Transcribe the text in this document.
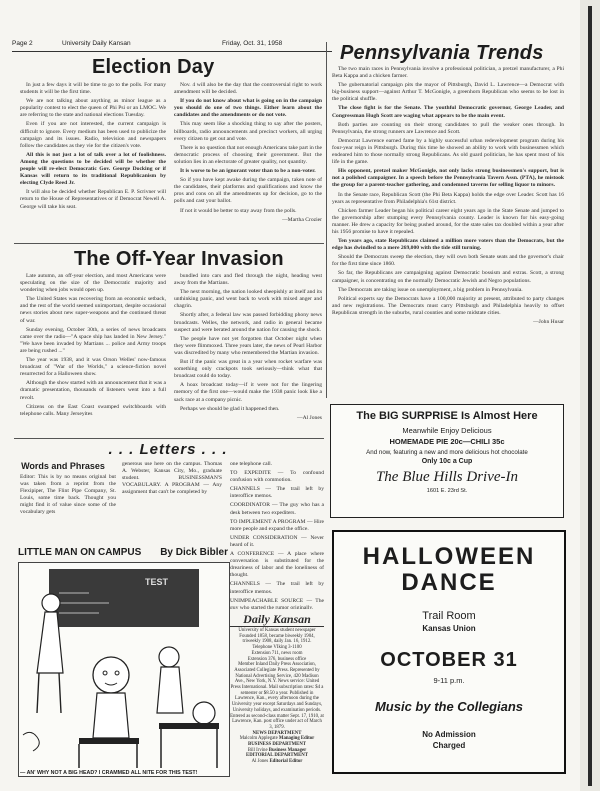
Page 2	University Daily Kansan	Friday, Oct. 31, 1958
Election Day

In just a few days it will be time to go to the polls. For many students it will be the first time.

We are not talking about anything as minor league as a popularity contest to elect the queen of Phi Psi or an LMOC. We are referring to the state and national elections Tuesday.

Even if you are not interested, the current campaign is difficult to ignore. Every medium has been used to publicize the campaign and its issues. Radio, television and newspapers follow the candidates as they vie for the citizen's vote.

All this is not just a lot of talk over a lot of foolishness. Among the questions to be decided will be whether the people will re-elect Democratic Gov. George Docking or if Kansas will return to its traditional Republicanism by electing Clyde Reed Jr.

It will also be decided whether Republican E. P. Scrivner will return to the House of Representatives or if Democrat Newell A. George will take his seat.

Nov. 4 will also be the day that the controversial right to work amendment will be decided.

If you do not know about what is going on in the campaign you should do one of two things. Either learn about the candidates and the amendments or do not vote.

This may seem like a shocking thing to say after the posters, billboards, radio announcements and precinct workers, all urging every citizen to get out and vote.

There is no question that not enough Americans take part in the democratic process of choosing their government. But the solution lies in an electorate of greater quality, not quantity.

It is worse to be an ignorant voter than to be a non-voter.

So if you have kept awake during the campaign, taken note of the candidates, their platforms and qualifications and know the pros and cons on all the amendments up for decision, go to the polls and cast your ballot.

If not it would be better to stay away from the polls.

—Martha Crozier

The Off-Year Invasion

Late autumn, an off-year election, and most Americans were speculating on the size of the Democratic majority and wondering when jobs would open up.

The United States was recovering from an economic setback, and the rest of the world seemed unimportant, despite occasional news stories about new super-weapons and the continued threat of war.

Sunday evening, October 30th, a series of news broadcasts came over the radio—"A space ship has landed in New Jersey." "We have been invaded by Martians ... police and Army troops are being rushed ..."

The year was 1938, and it was Orson Welles' now-famous broadcast of "War of the Worlds," a science-fiction novel resurrected for a Halloween show.

Although the show started with an announcement that it was a dramatic presentation, thousands of listeners went into a full revolt.

Citizens on the East Coast swamped switchboards with telephone calls. Many Jerseyites

bundled into cars and fled through the night, heading west away from the Martians.

The next morning, the nation looked sheepishly at itself and its unthinking panic, and went back to work with mixed anger and chagrin.

Shortly after, a federal law was passed forbidding phony news broadcasts. Welles, the network, and radio in general became suspect and were berated around the nation for causing the shock.

The people have not yet forgotten that October night when they were flimmoxed. Three years later, the news of Pearl Harbor was discredited by many who remembered the Martian invasion.

But if the panic was great in a year when rocket warfare was something only crackpots took seriously—think what that broadcast could do today.

A hoax broadcast today—if it were not for the lingering memory of the first one—would make the 1938 panic look like a sack race at a company picnic.

Perhaps we should be glad it happened then.

—Al Jones

Pennsylvania Trends

The two main races in Pennsylvania involve a professional politician, a pretzel manufacturer, a Phi Beta Kappa and a chicken farmer.

The gubernatorial campaign pits the mayor of Pittsburgh, David L. Lawrence—a Democrat with big-business support—against Arthur T. McGonigle, a greenhorn Republican who seems to be lost in the political shuffle.

The close fight is for the Senate. The youthful Democratic governor, George Leader, and Congressman Hugh Scott are waging what appears to be the main event.

Both parties are counting on their strong candidates to pull the weaker ones through. In Pennsylvania, the strong runners are Lawrence and Scott.

Democrat Lawrence earned fame by a highly successful urban redevelopment program during his four-year reign in Pittsburgh. During this time he showed an ability to work with businessmen which endeared him to those normally strong Republicans. As old guard politician, he has spent most of his life in the game.

His opponent, pretzel maker McGonigle, not only lacks strong businessmen's support, but is not a polished campaigner. In a speech before the Pennsylvania Tavern Assn. (PTA), he mistook the group for a parent-teacher gathering, and condemned taverns for selling liquor to minors.

In the Senate race, Republican Scott (the Phi Beta Kappa) holds the edge over Leader. Scott has 16 years as representative from Philadelphia's 61st district.

Chicken farmer Leader began his political career eight years ago in the State Senate and jumped to the governorship after stumping every Pennsylvania county. Leader is known for his easy-going manner. He drew a capacity for being pushed around, for the state sales tax doubled within a year after his 1956 promise to have it repealed.

Ten years ago, state Republicans claimed a million more voters than the Democrats, but the edge has dwindled to a mere 269,000 with the tide still turning.

Should the Democrats sweep the election, they will own both Senate seats and the governor's chair for the first time since 1860.

So far, the Republicans are campaigning against Democratic bossism and extras. Scott, a strong campaigner, is concentrating on the normally Democratic Jewish and Negro populations.

The Democrats are taking issue on unemployment, a big problem in Pennsylvania.

Political experts say the Democrats have a 100,000 majority at present, attributed to party changes and new registrations. The Democrats must carry Pittsburgh and Philadelphia heavily to offset Republican strength in the suburbs, rural counties and some midstate cities.

—John Husar

. . . Letters . . .
Words and Phrases

Editor: This is by no means original but was taken from a reprint from the Flexipiper, The Flint Pipe Company, St. Louis, some time back. Thought you might find it of value since some of the vocabulary gets

generous use here on the campus. Thomas A. Webster, Kansas City, Mo., graduate student. BUSINESSMAN'S VOCABULARY. A PROGRAM — Any assignment that can't be completed by

one telephone call.

TO EXPEDITE — To confound confusion with commotion.

CHANNELS — The trail left by interoffice memos.

COORDINATOR — The guy who has a desk between two expediters.

TO IMPLEMENT A PROGRAM — Hire more people and expand the office.

UNDER CONSIDERATION — Never heard of it.

A CONFERENCE — A place where conversation is substituted for the dreariness of labor and the loneliness of thought.

CHANNELS — The trail left by interoffice memos.

UNIMPEACHABLE SOURCE — The guy who started the rumor originally.

LITTLE MAN ON CAMPUS By Dick Bibler
TEST
— AN' WHY NOT A BIG HEAD? I CRAMMED ALL NITE FOR THIS TEST!
Daily Kansan
University of Kansas student newspaper
Founded 1858, became biweekly 1904, triweekly 1908, daily Jan. 16, 1912.
Telephone VIking 3-1100
Extension 711, news room
Extension 376, business office
Member Inland Daily Press Association, Associated Collegiate Press. Represented by National Advertising Service, 420 Madison Ave., New York, N.Y. News service: United Press International. Mail subscription rates: $4 a semester or $8.50 a year. Published in Lawrence, Kan., every afternoon during the University year except Saturdays and Sundays, University holidays, and examination periods. Entered as second-class matter Sept. 17, 1910, at Lawrence, Kan. post office under act of March 3, 1879.
NEWS DEPARTMENT
Malcolm Applegate Managing Editor
BUSINESS DEPARTMENT
Bill Irvine Business Manager
EDITORIAL DEPARTMENT
Al Jones Editorial Editor
The BIG SURPRISE Is Almost Here
Meanwhile Enjoy Delicious
HOMEMADE PIE 20c—CHILI 35c
And now, featuring a new and more delicious hot chocolate
Only 10c a Cup
The Blue Hills Drive-In
1601 E. 23rd St.
HALLOWEEN DANCE
Trail Room
Kansas Union
OCTOBER 31
9-11 p.m.
Music by the Collegians
No Admission
Charged
